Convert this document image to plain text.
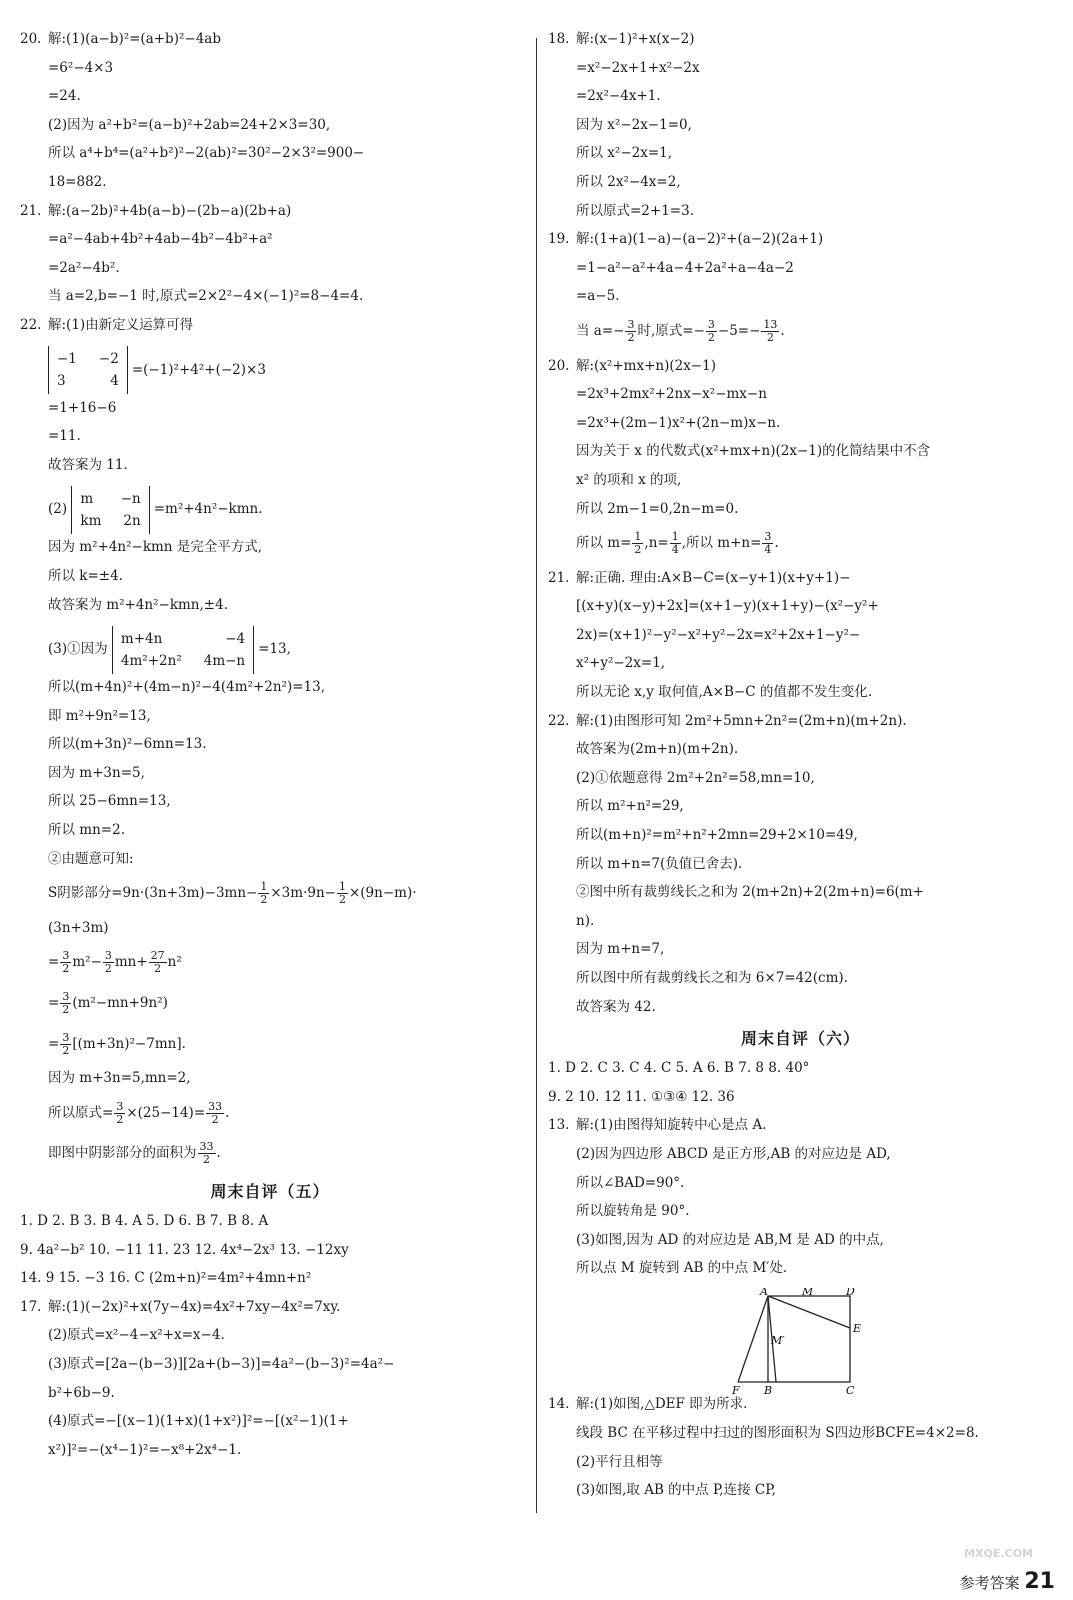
20. 解:(1)(a−b)²=(a+b)²−4ab
=6²−4×3
=24.
(2)因为 a²+b²=(a−b)²+2ab=24+2×3=30,
所以 a⁴+b⁴=(a²+b²)²−2(ab)²=30²−2×3²=900−
18=882.
21. 解:(a−2b)²+4b(a−b)−(2b−a)(2b+a)
=a²−4ab+4b²+4ab−4b²−4b²+a²
=2a²−4b².
当 a=2,b=−1 时,原式=2×2²−4×(−1)²=8−4=4.
22. 解:(1)由新定义运算可得
−1 −2
3	4
=(−1)²+4²+(−2)×3
=1+16−6
=11.
故答案为 11.
(2)
m −n
km 2n
=m²+4n²−kmn.
因为 m²+4n²−kmn 是完全平方式,
所以 k=±4.
故答案为 m²+4n²−kmn,±4.
(3)①因为
m+4n	−4
4m²+2n² 4m−n
=13,
所以(m+4n)²+(4m−n)²−4(4m²+2n²)=13,
即 m²+9n²=13,
所以(m+3n)²−6mn=13.
因为 m+3n=5,
所以 25−6mn=13,
所以 mn=2.
②由题意可知:
S阴影部分$=9n\cdot(3n+3m)-3mn- \frac{1}{2} \times 3m\cdot 9n- \frac{1}{2} \times(9n-m)\cdot$
(3n+3m)
= $\frac{3}{2} m^2- \frac{3}{2} mn+ \frac{27}{2} n^2$
= $\frac{3}{2} (m^2-mn+9n^2)$
= $\frac{3}{2} [(m+3n)^2-7mn]$.
因为 m+3n=5,mn=2,
所以原式= $\frac{3}{2} \times(25-14)= \frac{33}{2}$ .
即图中阴影部分的面积为 $\frac{33}{2}$ .
周末自评（五）
1. D 2. B 3. B 4. A 5. D 6. B 7. B 8. A
9. 4a²−b² 10. −11 11. 23 12. 4x⁴−2x³ 13. −12xy
14. 9 15. −3 16. C (2m+n)²=4m²+4mn+n²
17. 解:(1)(−2x)²+x(7y−4x)=4x²+7xy−4x²=7xy.
(2)原式=x²−4−x²+x=x−4.
(3)原式=[2a−(b−3)][2a+(b−3)]=4a²−(b−3)²=4a²−
b²+6b−9.
(4)原式=−[(x−1)(1+x)(1+x²)]²=−[(x²−1)(1+
x²)]²=−(x⁴−1)²=−x⁸+2x⁴−1.
18. 解:(x−1)²+x(x−2)
=x²−2x+1+x²−2x
=2x²−4x+1.
因为 x²−2x−1=0,
所以 x²−2x=1,
所以 2x²−4x=2,
所以原式=2+1=3.
19. 解:(1+a)(1−a)−(a−2)²+(a−2)(2a+1)
=1−a²−a²+4a−4+2a²+a−4a−2
=a−5.
当 $a=- \frac{3}{2}$ 时,原式=− $\frac{3}{2} -5=- \frac{13}{2}$ .
20. 解:(x²+mx+n)(2x−1)
=2x³+2mx²+2nx−x²−mx−n
=2x³+(2m−1)x²+(2n−m)x−n.
因为关于 x 的代数式(x²+mx+n)(2x−1)的化简结果中不含
x² 的项和 x 的项,
所以 2m−1=0,2n−m=0.
所以 $m= \frac{1}{2} ,n= \frac{1}{4}$ ,所以 $m+n= \frac{3}{4}$ .
21. 解:正确. 理由:A×B−C=(x−y+1)(x+y+1)−
[(x+y)(x−y)+2x]=(x+1−y)(x+1+y)−(x²−y²+
2x)=(x+1)²−y²−x²+y²−2x=x²+2x+1−y²−
x²+y²−2x=1,
所以无论 x,y 取何值,A×B−C 的值都不发生变化.
22. 解:(1)由图形可知 2m²+5mn+2n²=(2m+n)(m+2n).
故答案为(2m+n)(m+2n).
(2)①依题意得 2m²+2n²=58,mn=10,
所以 m²+n²=29,
所以(m+n)²=m²+n²+2mn=29+2×10=49,
所以 m+n=7(负值已舍去).
②图中所有裁剪线长之和为 2(m+2n)+2(2m+n)=6(m+
n).
因为 m+n=7,
所以图中所有裁剪线长之和为 6×7=42(cm).
故答案为 42.
周末自评（六）
1. D 2. C 3. C 4. C 5. A 6. B 7. 8 8. 40°
9. 2 10. 12 11. ①③④ 12. 36
13. 解:(1)由图得知旋转中心是点 A.
(2)因为四边形 ABCD 是正方形,AB 的对应边是 AD,
所以∠BAD=90°.
所以旋转角是 90°.
(3)如图,因为 AD 的对应边是 AB,M 是 AD 的中点,
所以点 M 旋转到 AB 的中点 M′处.
14. 解:(1)如图,△DEF 即为所求.
线段 BC 在平移过程中扫过的图形面积为 S四边形BCFE=4×2=8.
(2)平行且相等
(3)如图,取 AB 的中点 P,连接 CP,
A	M	D
E
M′
F B	C
参考答案 21
MXQE.COM
